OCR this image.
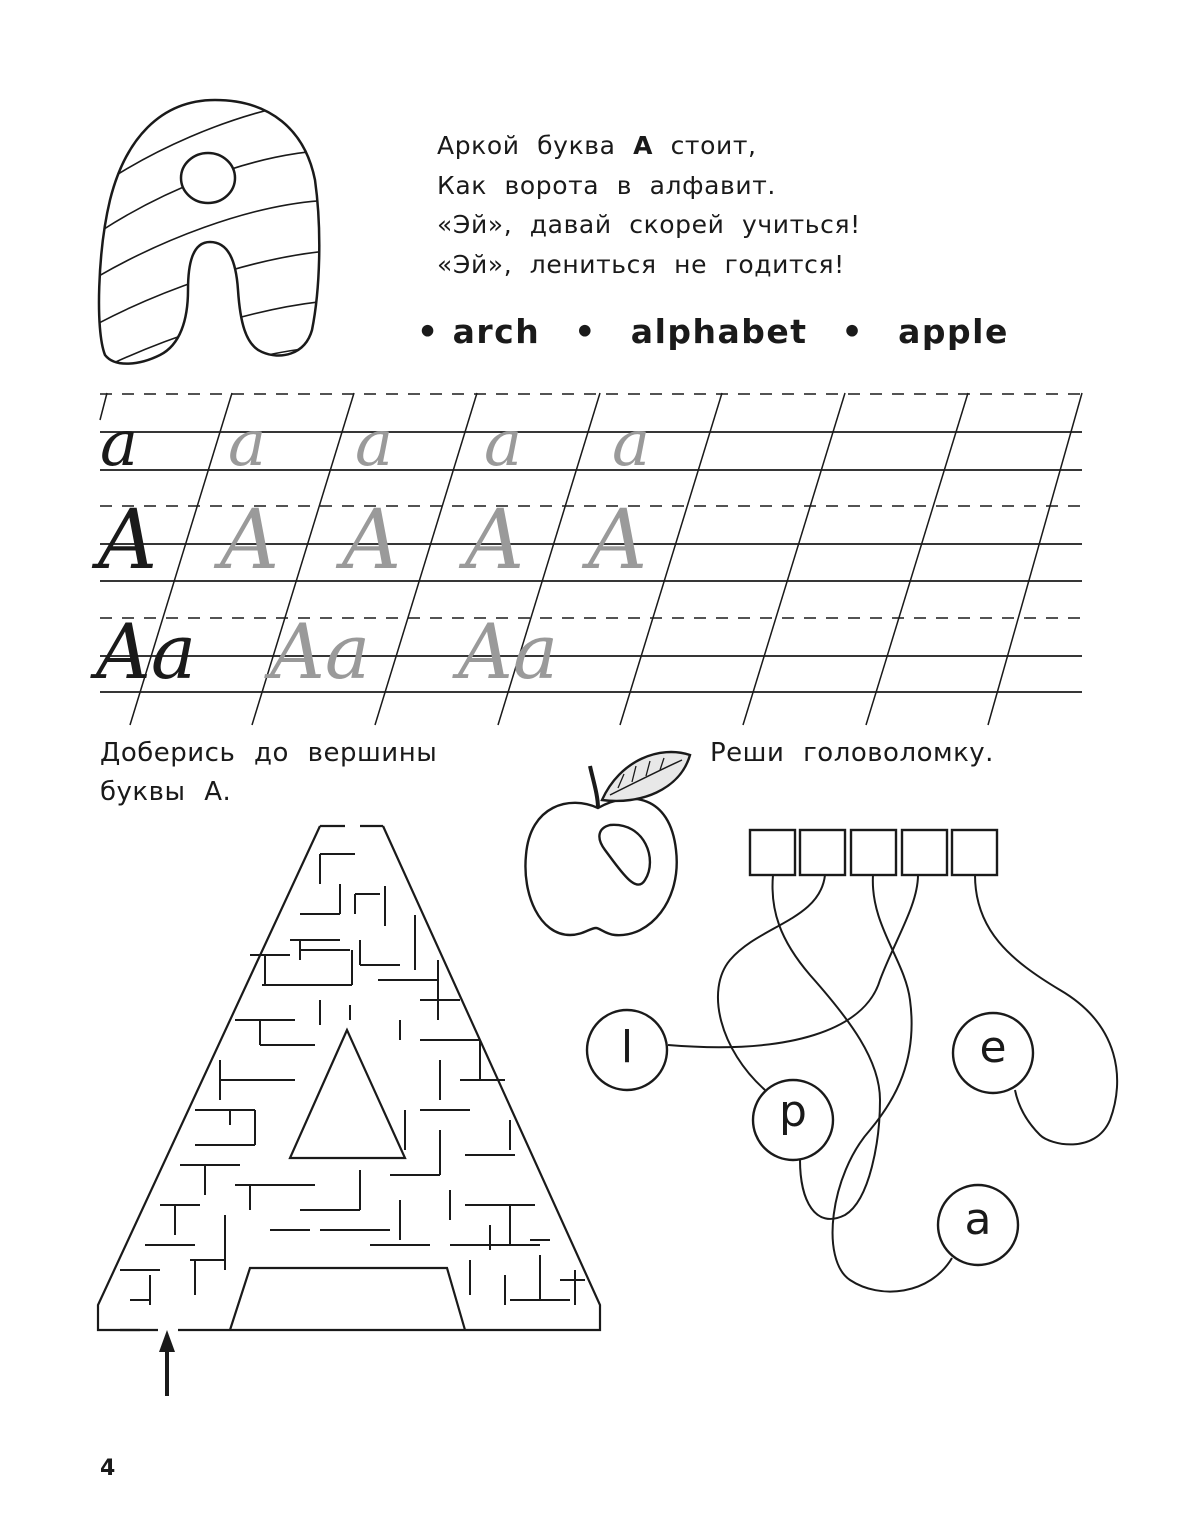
Аркой буква А стоит,
Как ворота в алфавит.
«Эй», давай скорей учиться!
«Эй», лениться не годится!
• arch • alphabet • apple
a a a a a
A A A A A
Aa Aa Aa
Доберись до вершины
буквы А.
Реши головоломку.
l
p
e
a
4
